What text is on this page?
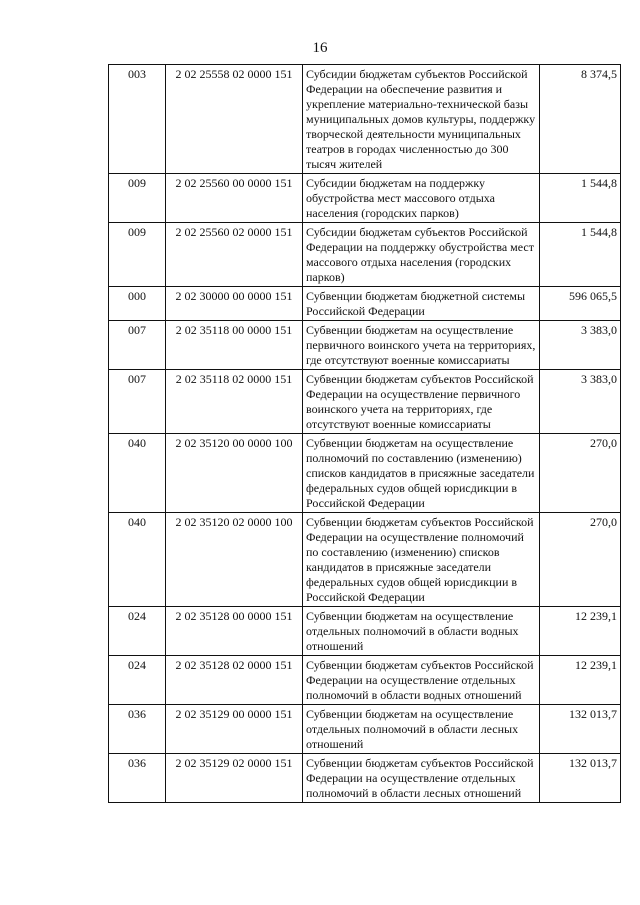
16
003	2 02 25558 02 0000 151	Субсидии бюджетам субъектов Российской Федерации на обеспечение развития и укрепление материально-технической базы муниципальных домов культуры, поддержку творческой деятельности муниципальных театров в городах численностью до 300 тысяч жителей	8 374,5
009	2 02 25560 00 0000 151	Субсидии бюджетам на поддержку обустройства мест массового отдыха населения (городских парков)	1 544,8
009	2 02 25560 02 0000 151	Субсидии бюджетам субъектов Российской Федерации на поддержку обустройства мест массового отдыха населения (городских парков)	1 544,8
000	2 02 30000 00 0000 151	Субвенции бюджетам бюджетной системы Российской Федерации	596 065,5
007	2 02 35118 00 0000 151	Субвенции бюджетам на осуществление первичного воинского учета на территориях, где отсутствуют военные комиссариаты	3 383,0
007	2 02 35118 02 0000 151	Субвенции бюджетам субъектов Российской Федерации на осуществление первичного воинского учета на территориях, где отсутствуют военные комиссариаты	3 383,0
040	2 02 35120 00 0000 100	Субвенции бюджетам на осуществление полномочий по составлению (изменению) списков кандидатов в присяжные заседатели федеральных судов общей юрисдикции в Российской Федерации	270,0
040	2 02 35120 02 0000 100	Субвенции бюджетам субъектов Российской Федерации на осуществление полномочий по составлению (изменению) списков кандидатов в присяжные заседатели федеральных судов общей юрисдикции в Российской Федерации	270,0
024	2 02 35128 00 0000 151	Субвенции бюджетам на осуществление отдельных полномочий в области водных отношений	12 239,1
024	2 02 35128 02 0000 151	Субвенции бюджетам субъектов Российской Федерации на осуществление отдельных полномочий в области водных отношений	12 239,1
036	2 02 35129 00 0000 151	Субвенции бюджетам на осуществление отдельных полномочий в области лесных отношений	132 013,7
036	2 02 35129 02 0000 151	Субвенции бюджетам субъектов Российской Федерации на осуществление отдельных полномочий в области лесных отношений	132 013,7
